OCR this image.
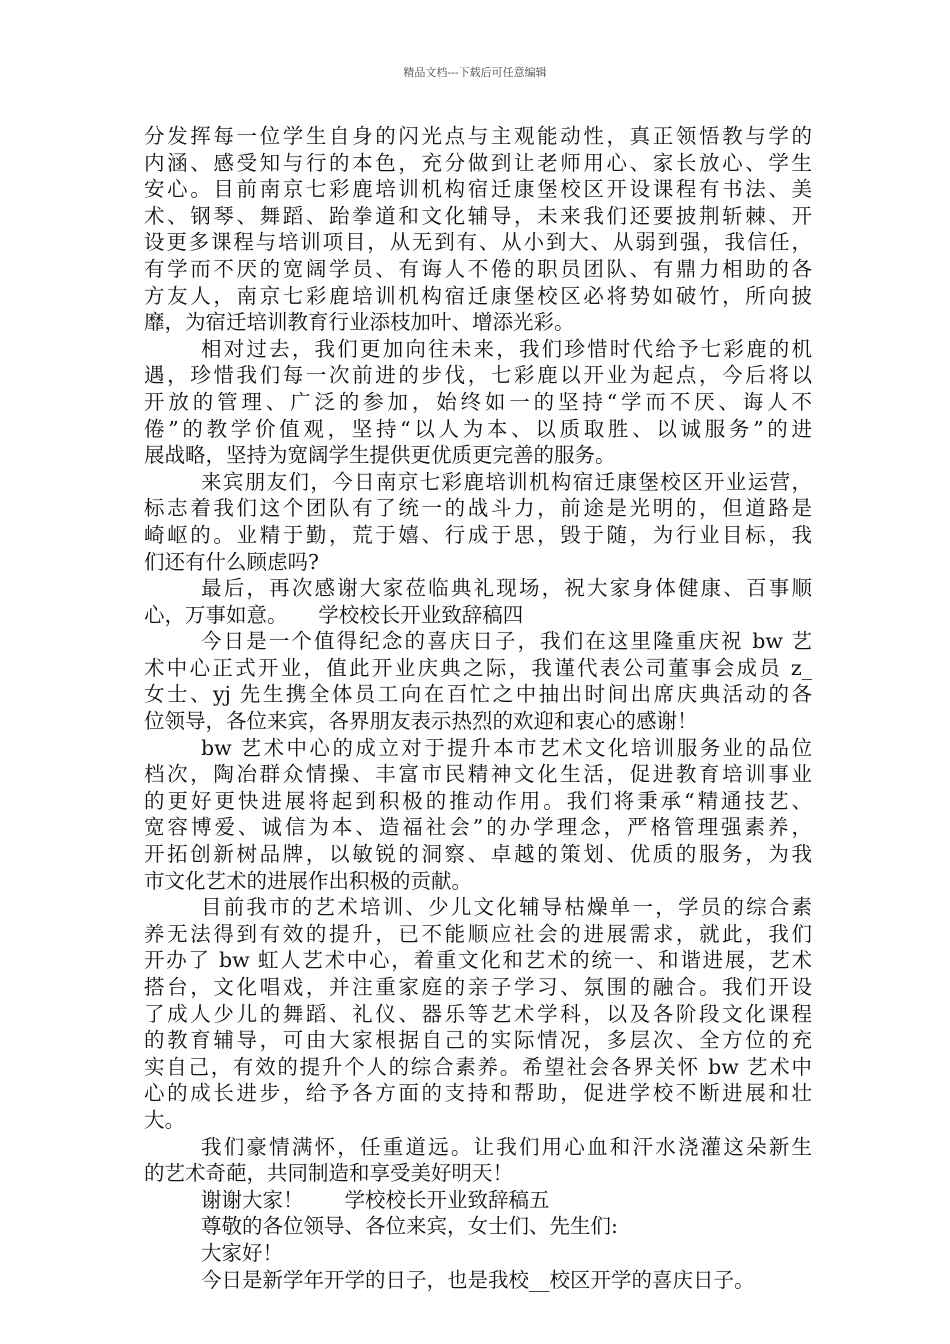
精品文档---下载后可任意编辑
分发挥每一位学生自身的闪光点与主观能动性，真正领悟教与学的
内涵、感受知与行的本色，充分做到让老师用心、家长放心、学生
安心。目前南京七彩鹿培训机构宿迁康堡校区开设课程有书法、美
术、钢琴、舞蹈、跆拳道和文化辅导，未来我们还要披荆斩棘、开
设更多课程与培训项目，从无到有、从小到大、从弱到强，我信任，
有学而不厌的宽阔学员、有诲人不倦的职员团队、有鼎力相助的各
方友人，南京七彩鹿培训机构宿迁康堡校区必将势如破竹，所向披
靡，为宿迁培训教育行业添枝加叶、增添光彩。
相对过去，我们更加向往未来，我们珍惜时代给予七彩鹿的机
遇，珍惜我们每一次前进的步伐，七彩鹿以开业为起点，今后将以
开放的管理、广泛的参加，始终如一的坚持“学而不厌、诲人不
倦”的教学价值观，坚持“以人为本、以质取胜、以诚服务”的进
展战略，坚持为宽阔学生提供更优质更完善的服务。
来宾朋友们，今日南京七彩鹿培训机构宿迁康堡校区开业运营，
标志着我们这个团队有了统一的战斗力，前途是光明的，但道路是
崎岖的。业精于勤，荒于嬉、行成于思，毁于随，为行业目标，我
们还有什么顾虑吗?
最后，再次感谢大家莅临典礼现场，祝大家身体健康、百事顺
心，万事如意。　　学校校长开业致辞稿四
今日是一个值得纪念的喜庆日子，我们在这里隆重庆祝 bw 艺
术中心正式开业，值此开业庆典之际，我谨代表公司董事会成员 z_
女士、yj 先生携全体员工向在百忙之中抽出时间出席庆典活动的各
位领导，各位来宾，各界朋友表示热烈的欢迎和衷心的感谢！
bw 艺术中心的成立对于提升本市艺术文化培训服务业的品位
档次，陶冶群众情操、丰富市民精神文化生活，促进教育培训事业
的更好更快进展将起到积极的推动作用。我们将秉承“精通技艺、
宽容博爱、诚信为本、造福社会”的办学理念，严格管理强素养，
开拓创新树品牌，以敏锐的洞察、卓越的策划、优质的服务，为我
市文化艺术的进展作出积极的贡献。
目前我市的艺术培训、少儿文化辅导枯燥单一，学员的综合素
养无法得到有效的提升，已不能顺应社会的进展需求，就此，我们
开办了 bw 虹人艺术中心，着重文化和艺术的统一、和谐进展，艺术
搭台，文化唱戏，并注重家庭的亲子学习、氛围的融合。我们开设
了成人少儿的舞蹈、礼仪、器乐等艺术学科，以及各阶段文化课程
的教育辅导，可由大家根据自己的实际情况，多层次、全方位的充
实自己，有效的提升个人的综合素养。希望社会各界关怀 bw 艺术中
心的成长进步，给予各方面的支持和帮助，促进学校不断进展和壮
大。
我们豪情满怀，任重道远。让我们用心血和汗水浇灌这朵新生
的艺术奇葩，共同制造和享受美好明天！
谢谢大家！　　学校校长开业致辞稿五
尊敬的各位领导、各位来宾，女士们、先生们:
大家好！
今日是新学年开学的日子，也是我校__校区开学的喜庆日子。
